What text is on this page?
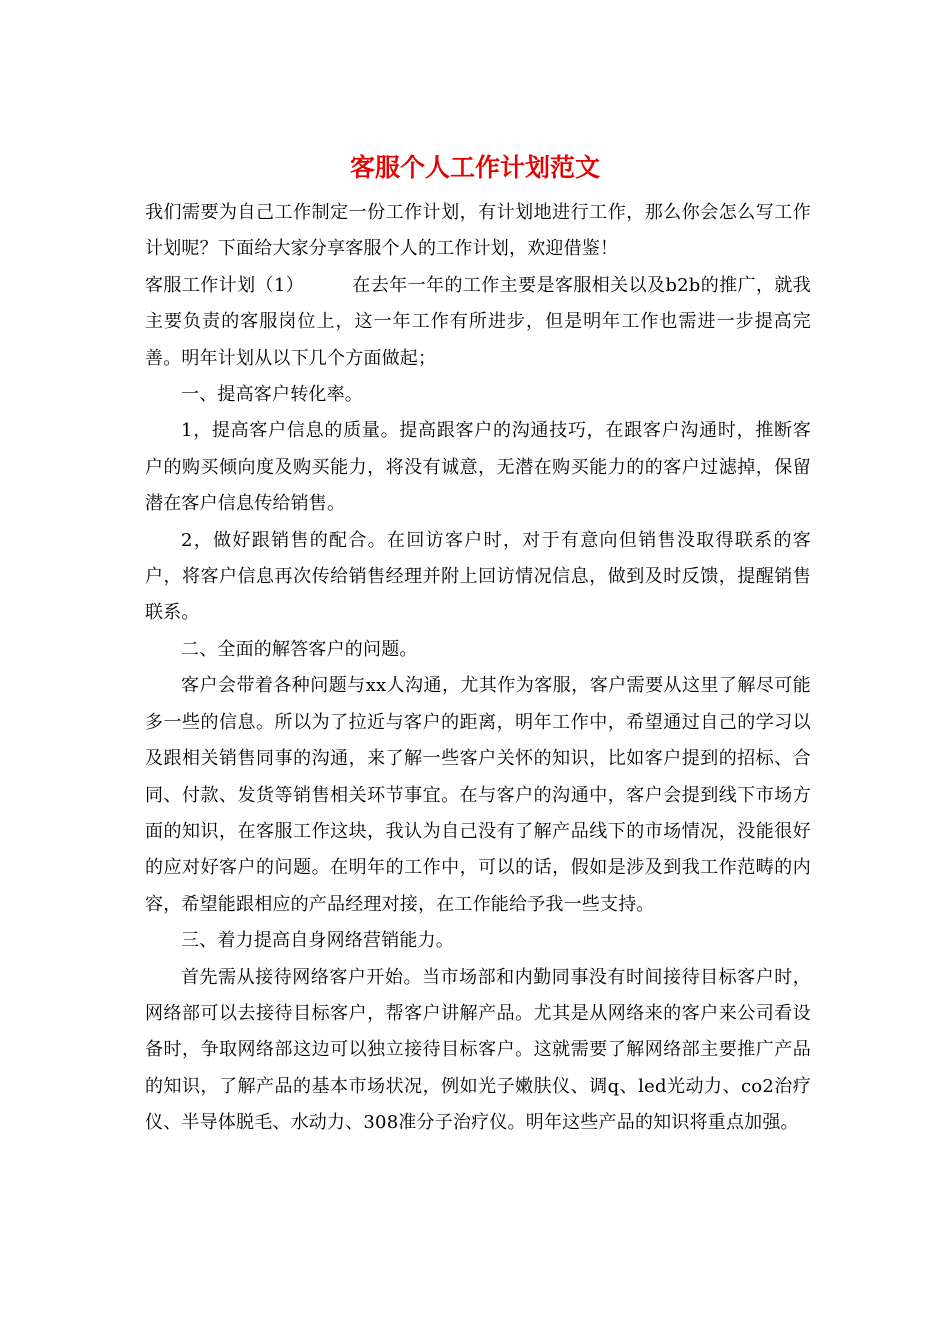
客服个人工作计划范文

我们需要为自己工作制定一份工作计划，有计划地进行工作，那么你会怎么写工作计划呢？下面给大家分享客服个人的工作计划，欢迎借鉴！

客服工作计划（1）	在去年一年的工作主要是客服相关以及b2b的推广，就我主要负责的客服岗位上，这一年工作有所进步，但是明年工作也需进一步提高完善。明年计划从以下几个方面做起；

一、提高客户转化率。

1，提高客户信息的质量。提高跟客户的沟通技巧，在跟客户沟通时，推断客户的购买倾向度及购买能力，将没有诚意，无潜在购买能力的的客户过滤掉，保留潜在客户信息传给销售。

2，做好跟销售的配合。在回访客户时，对于有意向但销售没取得联系的客户，将客户信息再次传给销售经理并附上回访情况信息，做到及时反馈，提醒销售联系。

二、全面的解答客户的问题。

客户会带着各种问题与xx人沟通，尤其作为客服，客户需要从这里了解尽可能多一些的信息。所以为了拉近与客户的距离，明年工作中，希望通过自己的学习以及跟相关销售同事的沟通，来了解一些客户关怀的知识，比如客户提到的招标、合同、付款、发货等销售相关环节事宜。在与客户的沟通中，客户会提到线下市场方面的知识，在客服工作这块，我认为自己没有了解产品线下的市场情况，没能很好的应对好客户的问题。在明年的工作中，可以的话，假如是涉及到我工作范畴的内容，希望能跟相应的产品经理对接，在工作能给予我一些支持。

三、着力提高自身网络营销能力。

首先需从接待网络客户开始。当市场部和内勤同事没有时间接待目标客户时，网络部可以去接待目标客户，帮客户讲解产品。尤其是从网络来的客户来公司看设备时，争取网络部这边可以独立接待目标客户。这就需要了解网络部主要推广产品的知识，了解产品的基本市场状况，例如光子嫩肤仪、调q、led光动力、co2治疗仪、半导体脱毛、水动力、308准分子治疗仪。明年这些产品的知识将重点加强。
